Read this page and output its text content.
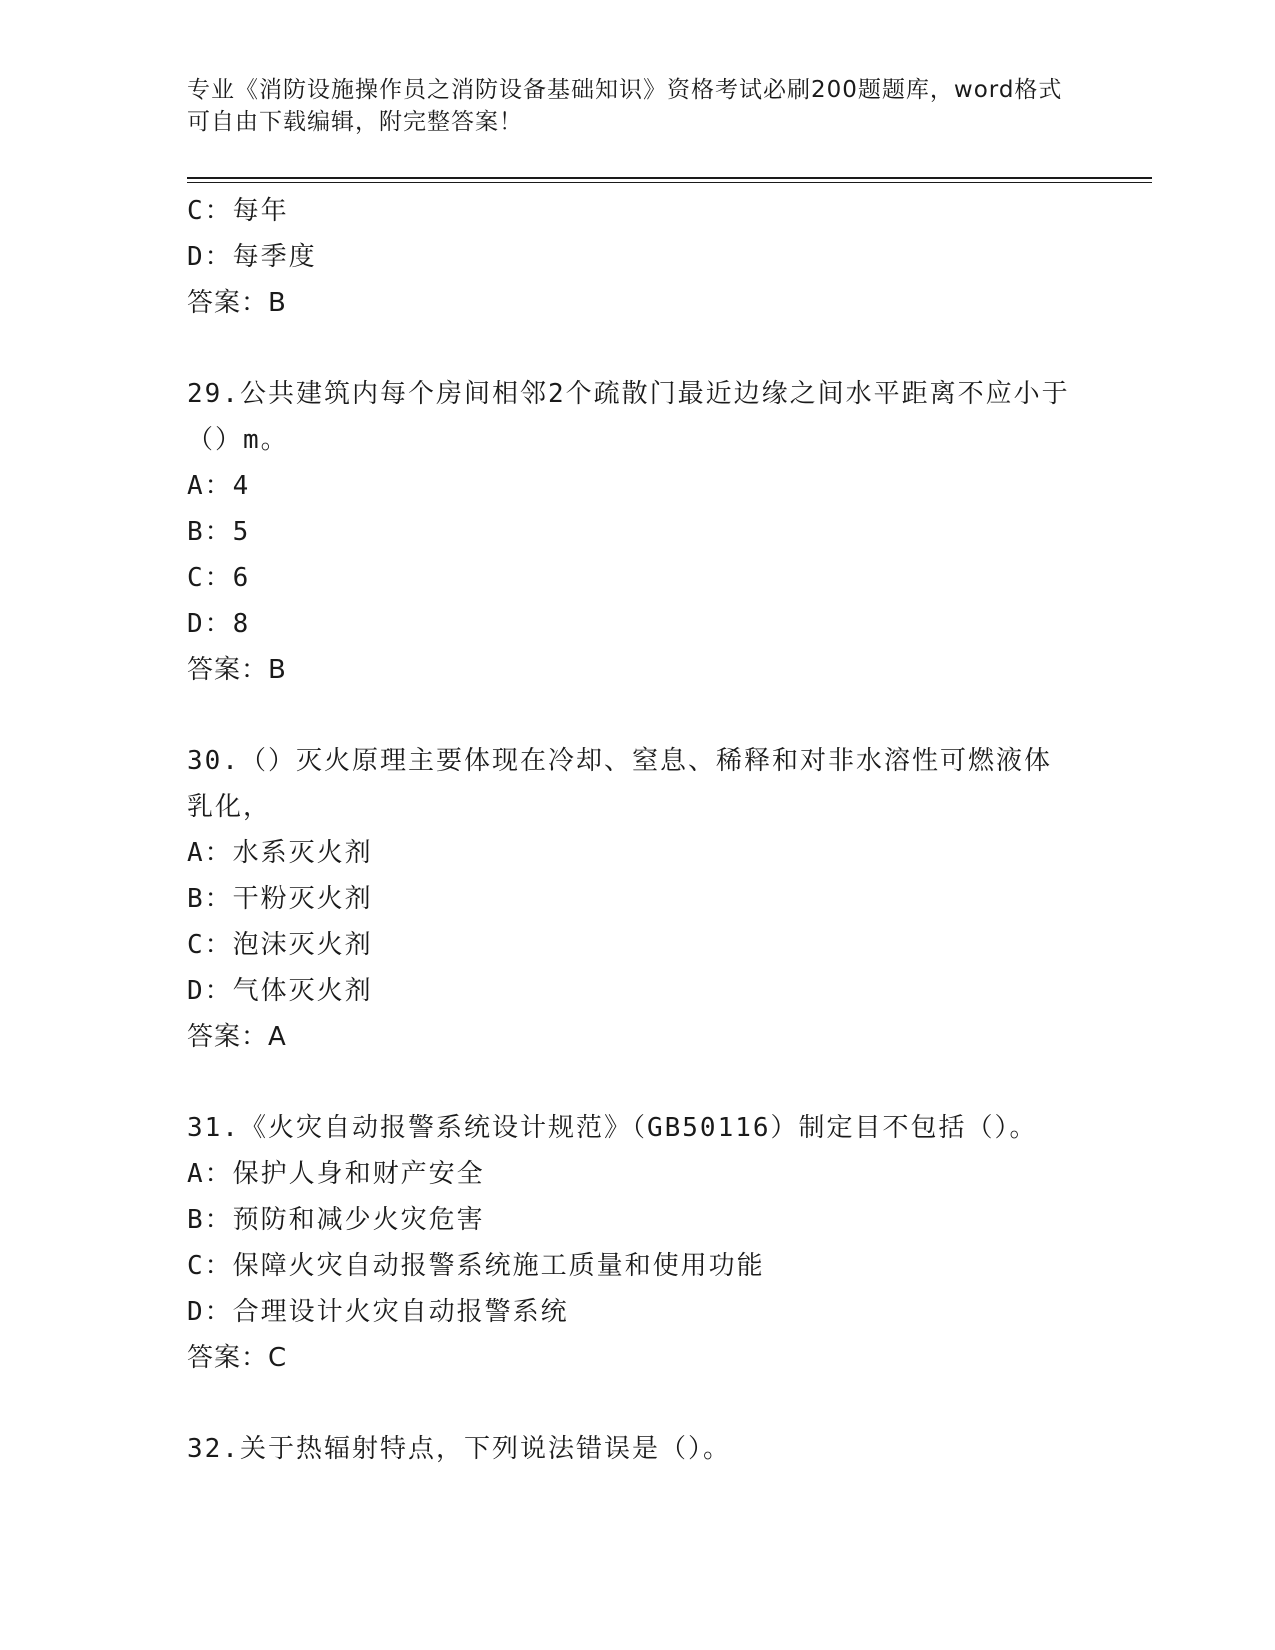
专业《消防设施操作员之消防设备基础知识》资格考试必刷200题题库，word格式可自由下载编辑，附完整答案！
C：每年
D：每季度
答案：B
29.公共建筑内每个房间相邻2个疏散门最近边缘之间水平距离不应小于（）m。
A：4
B：5
C：6
D：8
答案：B
30.（）灭火原理主要体现在冷却、窒息、稀释和对非水溶性可燃液体乳化，
A：水系灭火剂
B：干粉灭火剂
C：泡沫灭火剂
D：气体灭火剂
答案：A
31.《火灾自动报警系统设计规范》（GB50116）制定目不包括（）。
A：保护人身和财产安全
B：预防和减少火灾危害
C：保障火灾自动报警系统施工质量和使用功能
D：合理设计火灾自动报警系统
答案：C
32.关于热辐射特点，下列说法错误是（）。
